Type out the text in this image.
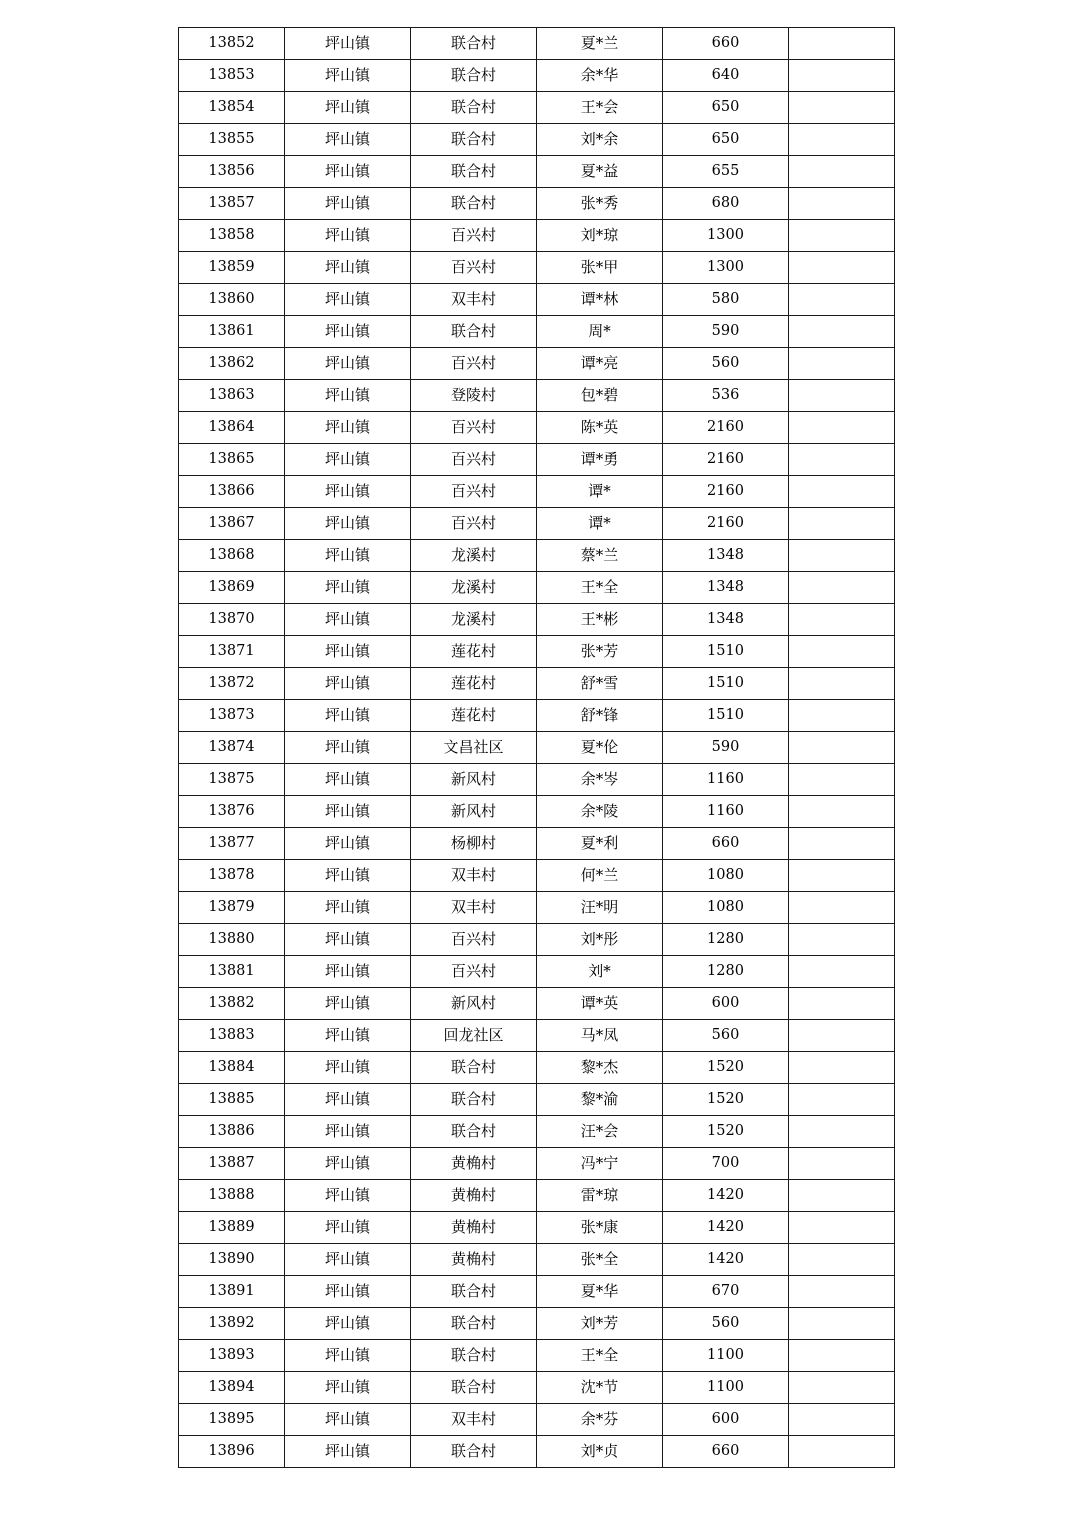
13852	坪山镇	联合村	夏*兰	660	
13853	坪山镇	联合村	余*华	640	
13854	坪山镇	联合村	王*会	650	
13855	坪山镇	联合村	刘*余	650	
13856	坪山镇	联合村	夏*益	655	
13857	坪山镇	联合村	张*秀	680	
13858	坪山镇	百兴村	刘*琼	1300	
13859	坪山镇	百兴村	张*甲	1300	
13860	坪山镇	双丰村	谭*林	580	
13861	坪山镇	联合村	周*	590	
13862	坪山镇	百兴村	谭*亮	560	
13863	坪山镇	登陵村	包*碧	536	
13864	坪山镇	百兴村	陈*英	2160	
13865	坪山镇	百兴村	谭*勇	2160	
13866	坪山镇	百兴村	谭*	2160	
13867	坪山镇	百兴村	谭*	2160	
13868	坪山镇	龙溪村	蔡*兰	1348	
13869	坪山镇	龙溪村	王*全	1348	
13870	坪山镇	龙溪村	王*彬	1348	
13871	坪山镇	莲花村	张*芳	1510	
13872	坪山镇	莲花村	舒*雪	1510	
13873	坪山镇	莲花村	舒*锋	1510	
13874	坪山镇	文昌社区	夏*伦	590	
13875	坪山镇	新风村	余*岑	1160	
13876	坪山镇	新风村	余*陵	1160	
13877	坪山镇	杨柳村	夏*利	660	
13878	坪山镇	双丰村	何*兰	1080	
13879	坪山镇	双丰村	汪*明	1080	
13880	坪山镇	百兴村	刘*彤	1280	
13881	坪山镇	百兴村	刘*	1280	
13882	坪山镇	新风村	谭*英	600	
13883	坪山镇	回龙社区	马*凤	560	
13884	坪山镇	联合村	黎*杰	1520	
13885	坪山镇	联合村	黎*渝	1520	
13886	坪山镇	联合村	汪*会	1520	
13887	坪山镇	黄桷村	冯*宁	700	
13888	坪山镇	黄桷村	雷*琼	1420	
13889	坪山镇	黄桷村	张*康	1420	
13890	坪山镇	黄桷村	张*全	1420	
13891	坪山镇	联合村	夏*华	670	
13892	坪山镇	联合村	刘*芳	560	
13893	坪山镇	联合村	王*全	1100	
13894	坪山镇	联合村	沈*节	1100	
13895	坪山镇	双丰村	余*芬	600	
13896	坪山镇	联合村	刘*贞	660	
